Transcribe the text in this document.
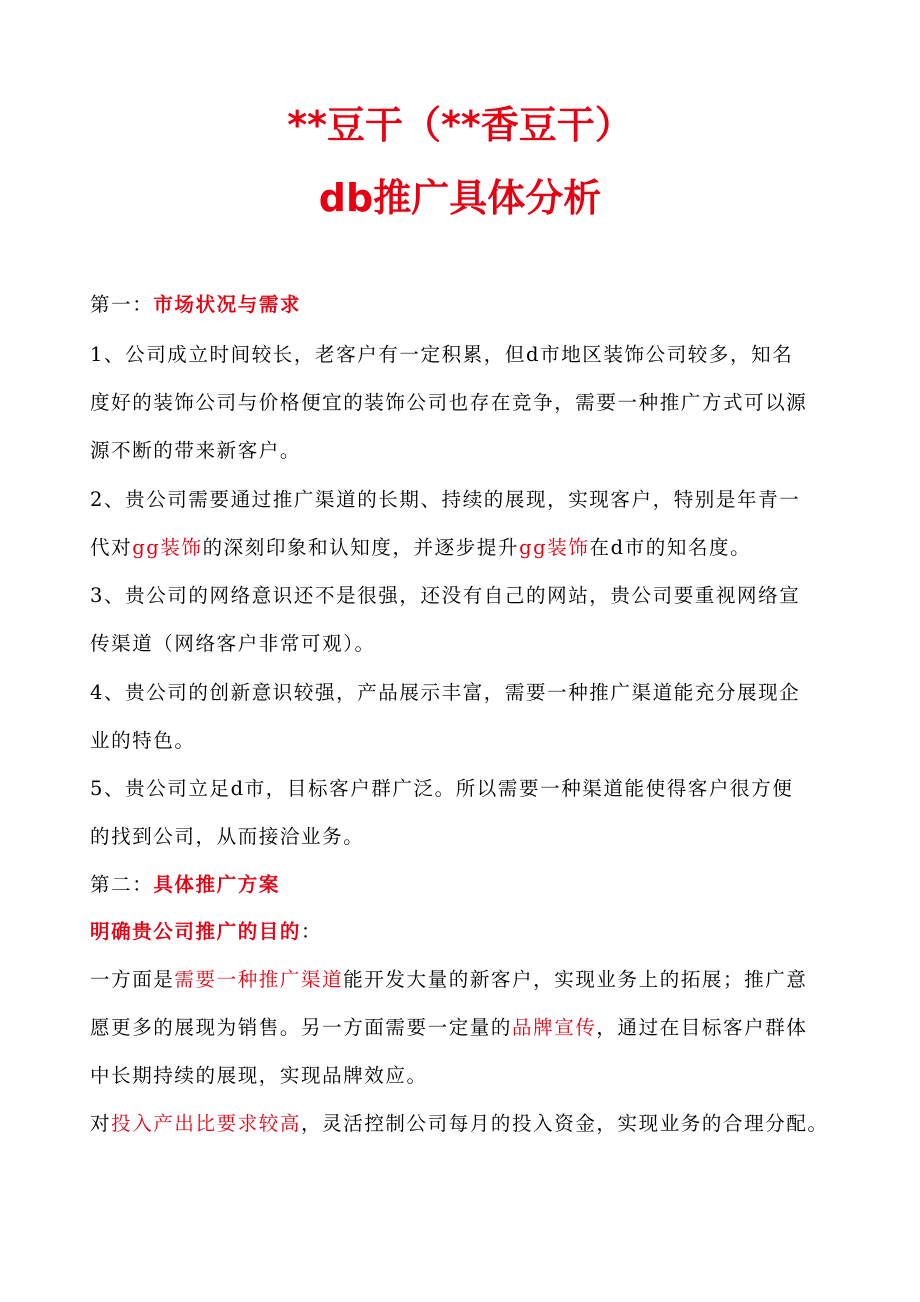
**豆干（**香豆干）
db推广具体分析
第一：市场状况与需求
1、公司成立时间较长，老客户有一定积累，但d市地区装饰公司较多，知名
度好的装饰公司与价格便宜的装饰公司也存在竞争，需要一种推广方式可以源
源不断的带来新客户。
2、贵公司需要通过推广渠道的长期、持续的展现，实现客户，特别是年青一
代对gg装饰的深刻印象和认知度，并逐步提升gg装饰在d市的知名度。
3、贵公司的网络意识还不是很强，还没有自己的网站，贵公司要重视网络宣
传渠道（网络客户非常可观）。
4、贵公司的创新意识较强，产品展示丰富，需要一种推广渠道能充分展现企
业的特色。
5、贵公司立足d市，目标客户群广泛。所以需要一种渠道能使得客户很方便
的找到公司，从而接洽业务。
第二：具体推广方案
明确贵公司推广的目的：
一方面是需要一种推广渠道能开发大量的新客户，实现业务上的拓展；推广意
愿更多的展现为销售。另一方面需要一定量的品牌宣传，通过在目标客户群体
中长期持续的展现，实现品牌效应。
对投入产出比要求较高，灵活控制公司每月的投入资金，实现业务的合理分配。
